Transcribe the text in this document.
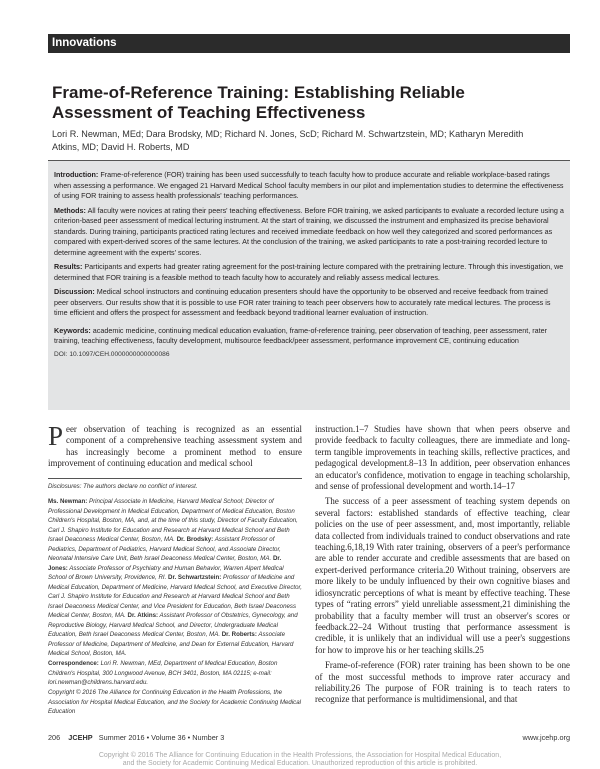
Innovations
Frame-of-Reference Training: Establishing Reliable Assessment of Teaching Effectiveness
Lori R. Newman, MEd; Dara Brodsky, MD; Richard N. Jones, ScD; Richard M. Schwartzstein, MD; Katharyn Meredith Atkins, MD; David H. Roberts, MD

Introduction: Frame-of-reference (FOR) training has been used successfully to teach faculty how to produce accurate and reliable workplace-based ratings when assessing a performance. We engaged 21 Harvard Medical School faculty members in our pilot and implementation studies to determine the effectiveness of using FOR training to assess health professionals' teaching performances.

Methods: All faculty were novices at rating their peers' teaching effectiveness. Before FOR training, we asked participants to evaluate a recorded lecture using a criterion-based peer assessment of medical lecturing instrument. At the start of training, we discussed the instrument and emphasized its precise behavioral standards. During training, participants practiced rating lectures and received immediate feedback on how well they categorized and scored performances as compared with expert-derived scores of the same lectures. At the conclusion of the training, we asked participants to rate a post-training recorded lecture to determine agreement with the experts' scores.

Results: Participants and experts had greater rating agreement for the post-training lecture compared with the pretraining lecture. Through this investigation, we determined that FOR training is a feasible method to teach faculty how to accurately and reliably assess medical lectures.

Discussion: Medical school instructors and continuing education presenters should have the opportunity to be observed and receive feedback from trained peer observers. Our results show that it is possible to use FOR rater training to teach peer observers how to accurately rate medical lectures. The process is time efficient and offers the prospect for assessment and feedback beyond traditional learner evaluation of instruction.

Keywords: academic medicine, continuing medical education evaluation, frame-of-reference training, peer observation of teaching, peer assessment, rater training, teaching effectiveness, faculty development, multisource feedback/peer assessment, performance improvement CE, continuing education

DOI: 10.1097/CEH.0000000000000086

Peer observation of teaching is recognized as an essential component of a comprehensive teaching assessment system and has increasingly become a prominent method to ensure improvement of continuing education and medical school

Disclosures: The authors declare no conflict of interest.
Ms. Newman: Principal Associate in Medicine, Harvard Medical School; Director of Professional Development in Medical Education, Department of Medical Education, Boston Children's Hospital, Boston, MA, and, at the time of this study, Director of Faculty Education, Carl J. Shapiro Institute for Education and Research at Harvard Medical School and Beth Israel Deaconess Medical Center, Boston, MA. Dr. Brodsky: Assistant Professor of Pediatrics, Department of Pediatrics, Harvard Medical School, and Associate Director, Neonatal Intensive Care Unit, Beth Israel Deaconess Medical Center, Boston, MA. Dr. Jones: Associate Professor of Psychiatry and Human Behavior, Warren Alpert Medical School of Brown University, Providence, RI. Dr. Schwartzstein: Professor of Medicine and Medical Education, Department of Medicine, Harvard Medical School, and Executive Director, Carl J. Shapiro Institute for Education and Research at Harvard Medical School and Beth Israel Deaconess Medical Center, and Vice President for Education, Beth Israel Deaconess Medical Center, Boston, MA. Dr. Atkins: Assistant Professor of Obstetrics, Gynecology, and Reproductive Biology, Harvard Medical School, and Director, Undergraduate Medical Education, Beth Israel Deaconess Medical Center, Boston, MA. Dr. Roberts: Associate Professor of Medicine, Department of Medicine, and Dean for External Education, Harvard Medical School, Boston, MA.
Correspondence: Lori R. Newman, MEd, Department of Medical Education, Boston Children's Hospital, 300 Longwood Avenue, BCH 3401, Boston, MA 02115; e-mail: lori.newman@childrens.harvard.edu.
Copyright © 2016 The Alliance for Continuing Education in the Health Professions, the Association for Hospital Medical Education, and the Society for Academic Continuing Medical Education

instruction.1–7 Studies have shown that when peers observe and provide feedback to faculty colleagues, there are immediate and long-term tangible improvements in teaching skills, reflective practices, and pedagogical development.8–13 In addition, peer observation enhances an educator's confidence, motivation to engage in teaching scholarship, and sense of professional development and worth.14–17

The success of a peer assessment of teaching system depends on several factors: established standards of effective teaching, clear policies on the use of peer assessment, and, most importantly, reliable data collected from individuals trained to conduct observations and rate teaching.6,18,19 With rater training, observers of a peer's performance are able to render accurate and credible assessments that are based on expert-derived performance criteria.20 Without training, observers are more likely to be unduly influenced by their own cognitive biases and idiosyncratic perceptions of what is meant by effective teaching. These types of “rating errors” yield unreliable assessment,21 diminishing the probability that a faculty member will trust an observer's scores or feedback.22–24 Without trusting that performance assessment is credible, it is unlikely that an individual will use a peer's suggestions for how to improve his or her teaching skills.25

Frame-of-reference (FOR) rater training has been shown to be one of the most successful methods to improve rater accuracy and reliability.26 The purpose of FOR training is to teach raters to recognize that performance is multidimensional, and that

206 JCEHP Summer 2016 • Volume 36 • Number 3	www.jcehp.org
Copyright © 2016 The Alliance for Continuing Education in the Health Professions, the Association for Hospital Medical Education,
and the Society for Academic Continuing Medical Education. Unauthorized reproduction of this article is prohibited.
